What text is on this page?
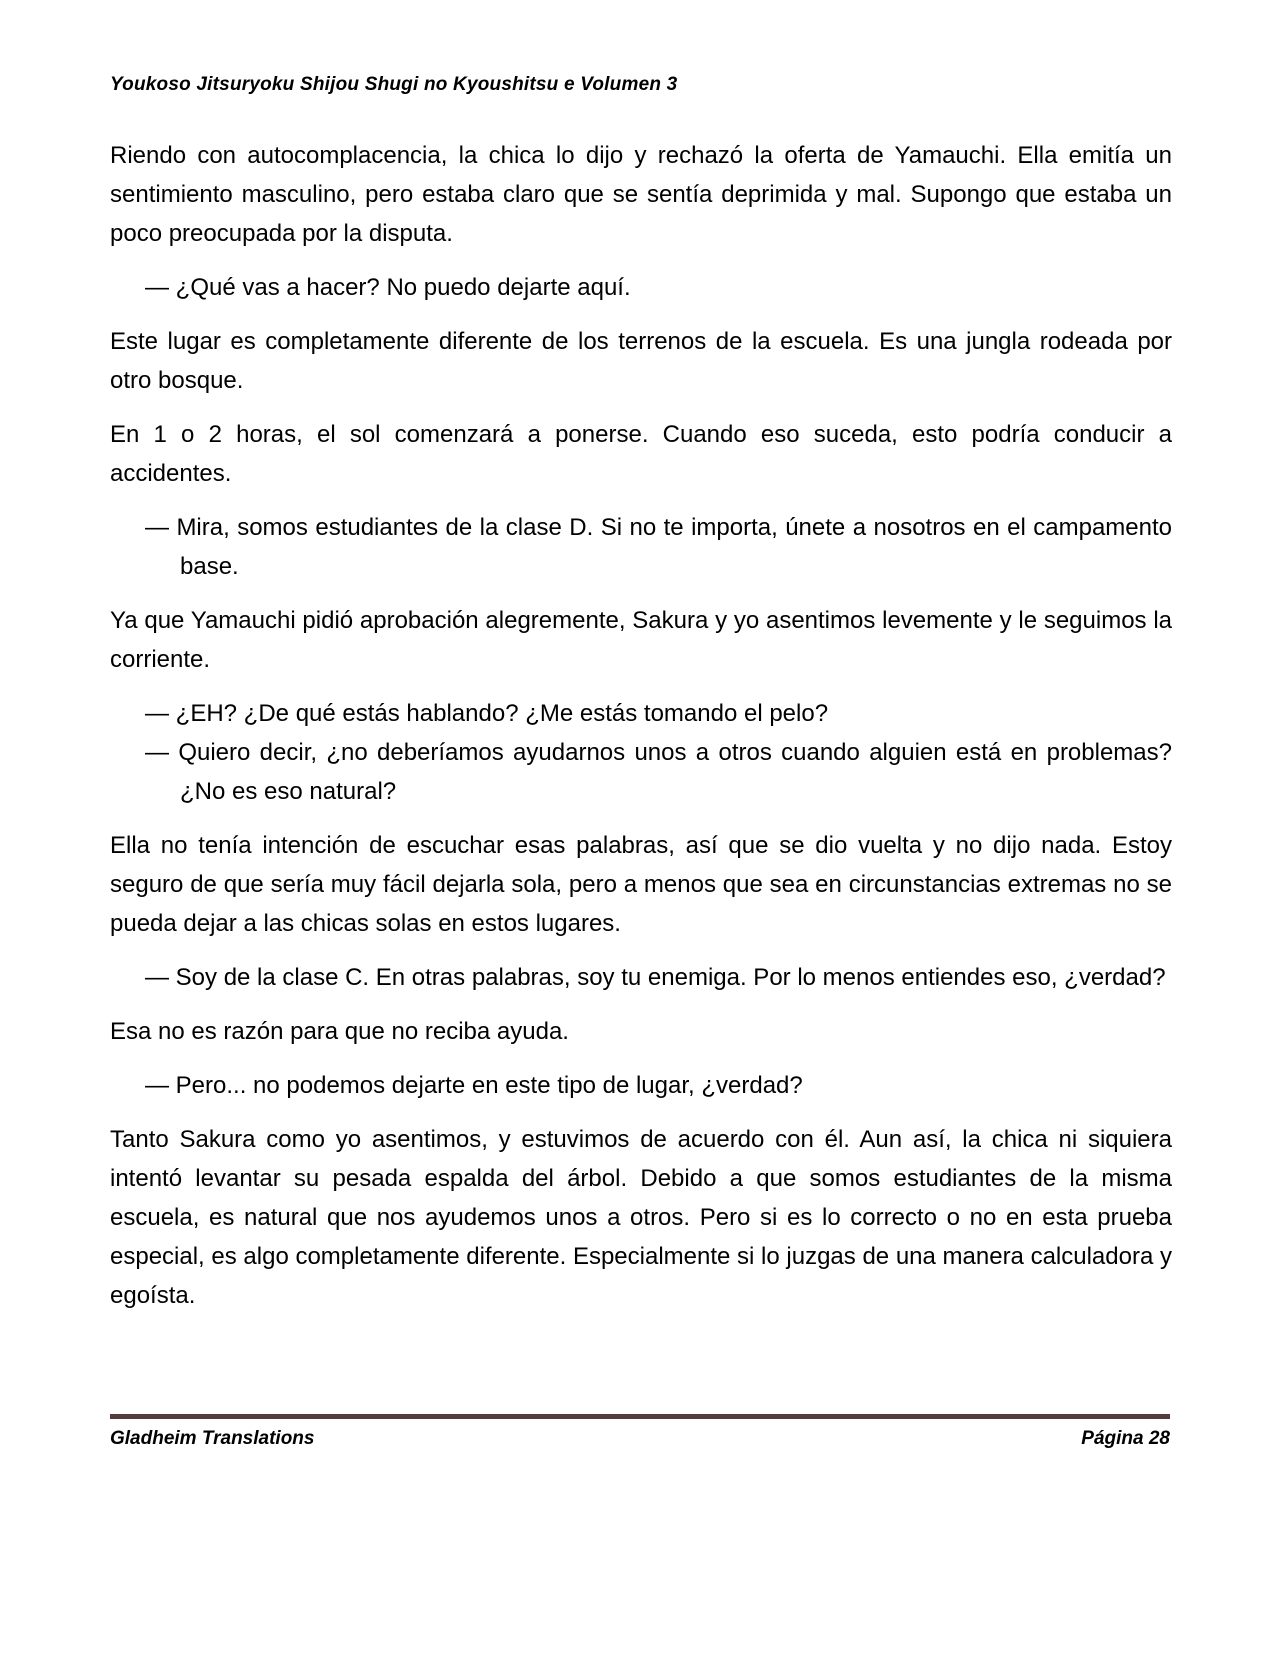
Youkoso Jitsuryoku Shijou Shugi no Kyoushitsu e Volumen 3

Riendo con autocomplacencia, la chica lo dijo y rechazó la oferta de Yamauchi. Ella emitía un sentimiento masculino, pero estaba claro que se sentía deprimida y mal. Supongo que estaba un poco preocupada por la disputa.

— ¿Qué vas a hacer? No puedo dejarte aquí.

Este lugar es completamente diferente de los terrenos de la escuela. Es una jungla rodeada por otro bosque.

En 1 o 2 horas, el sol comenzará a ponerse. Cuando eso suceda, esto podría conducir a accidentes.

— Mira, somos estudiantes de la clase D. Si no te importa, únete a nosotros en el campamento base.

Ya que Yamauchi pidió aprobación alegremente, Sakura y yo asentimos levemente y le seguimos la corriente.

— ¿EH? ¿De qué estás hablando? ¿Me estás tomando el pelo?

— Quiero decir, ¿no deberíamos ayudarnos unos a otros cuando alguien está en problemas? ¿No es eso natural?

Ella no tenía intención de escuchar esas palabras, así que se dio vuelta y no dijo nada. Estoy seguro de que sería muy fácil dejarla sola, pero a menos que sea en circunstancias extremas no se pueda dejar a las chicas solas en estos lugares.

— Soy de la clase C. En otras palabras, soy tu enemiga. Por lo menos entiendes eso, ¿verdad?

Esa no es razón para que no reciba ayuda.

— Pero... no podemos dejarte en este tipo de lugar, ¿verdad?

Tanto Sakura como yo asentimos, y estuvimos de acuerdo con él. Aun así, la chica ni siquiera intentó levantar su pesada espalda del árbol. Debido a que somos estudiantes de la misma escuela, es natural que nos ayudemos unos a otros. Pero si es lo correcto o no en esta prueba especial, es algo completamente diferente. Especialmente si lo juzgas de una manera calculadora y egoísta.

Gladheim Translations	Página 28
